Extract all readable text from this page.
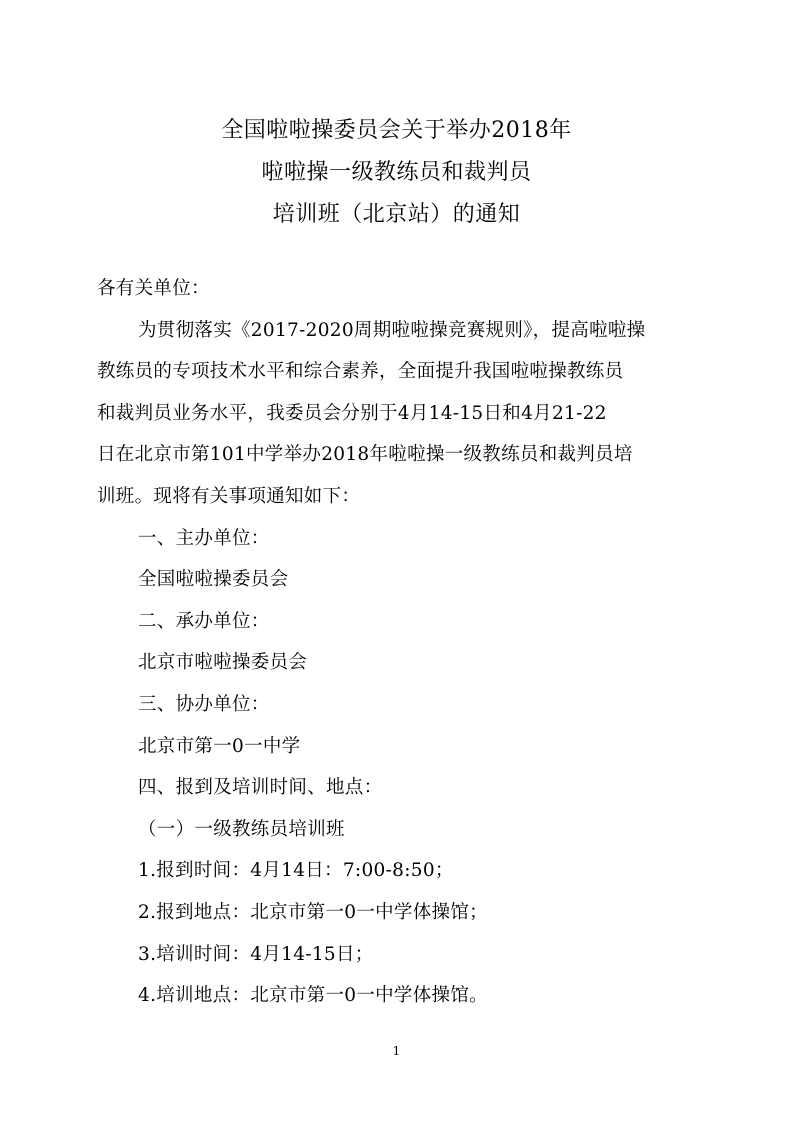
全国啦啦操委员会关于举办2018年
啦啦操一级教练员和裁判员
培训班（北京站）的通知
各有关单位：
为贯彻落实《2017-2020周期啦啦操竞赛规则》，提高啦啦操
教练员的专项技术水平和综合素养，全面提升我国啦啦操教练员
和裁判员业务水平，我委员会分别于4月14-15日和4月21-22
日在北京市第101中学举办2018年啦啦操一级教练员和裁判员培
训班。现将有关事项通知如下：
一、主办单位：
全国啦啦操委员会
二、承办单位：
北京市啦啦操委员会
三、协办单位：
北京市第一0一中学
四、报到及培训时间、地点：
（一）一级教练员培训班
1.报到时间：4月14日：7:00-8:50；
2.报到地点：北京市第一0一中学体操馆；
3.培训时间：4月14-15日；
4.培训地点：北京市第一0一中学体操馆。
1
